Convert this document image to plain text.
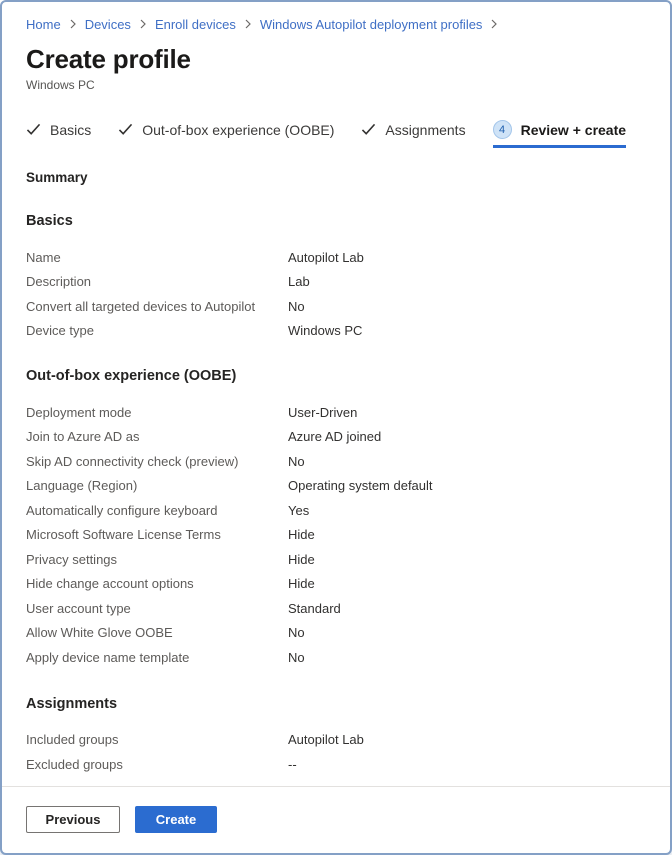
Home Devices Enroll devices Windows Autopilot deployment profiles
Create profile
Windows PC
Basics	Out-of-box experience (OOBE)	Assignments	4	Review + create
Summary
Basics
Name	Autopilot Lab
Description	Lab
Convert all targeted devices to Autopilot	No
Device type	Windows PC
Out-of-box experience (OOBE)
Deployment mode	User-Driven
Join to Azure AD as	Azure AD joined
Skip AD connectivity check (preview)	No
Language (Region)	Operating system default
Automatically configure keyboard	Yes
Microsoft Software License Terms	Hide
Privacy settings	Hide
Hide change account options	Hide
User account type	Standard
Allow White Glove OOBE	No
Apply device name template	No
Assignments
Included groups	Autopilot Lab
Excluded groups	--
Previous	Create
